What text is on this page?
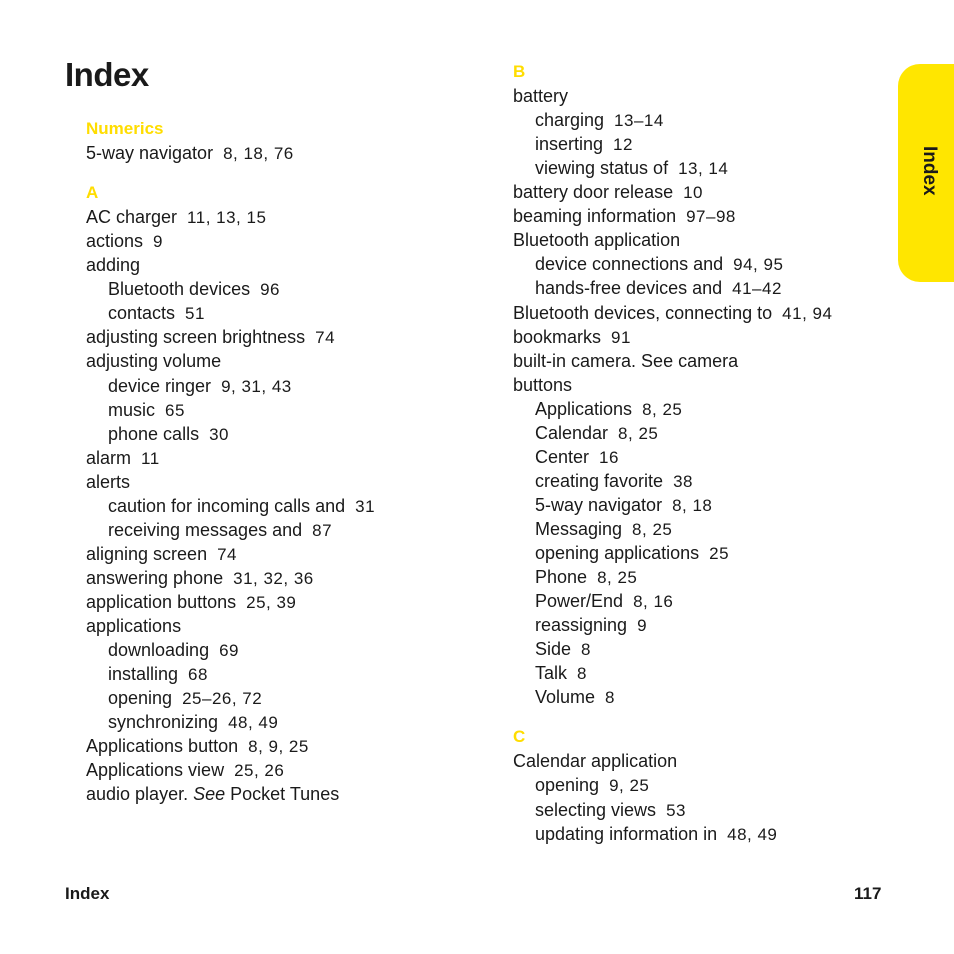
Index
Numerics
5-way navigator 8, 18, 76
A
AC charger 11, 13, 15
actions 9
adding
Bluetooth devices 96
contacts 51
adjusting screen brightness 74
adjusting volume
device ringer 9, 31, 43
music 65
phone calls 30
alarm 11
alerts
caution for incoming calls and 31
receiving messages and 87
aligning screen 74
answering phone 31, 32, 36
application buttons 25, 39
applications
downloading 69
installing 68
opening 25–26, 72
synchronizing 48, 49
Applications button 8, 9, 25
Applications view 25, 26
audio player. See Pocket Tunes
B
battery
charging 13–14
inserting 12
viewing status of 13, 14
battery door release 10
beaming information 97–98
Bluetooth application
device connections and 94, 95
hands-free devices and 41–42
Bluetooth devices, connecting to 41, 94
bookmarks 91
built-in camera. See camera
buttons
Applications 8, 25
Calendar 8, 25
Center 16
creating favorite 38
5-way navigator 8, 18
Messaging 8, 25
opening applications 25
Phone 8, 25
Power/End 8, 16
reassigning 9
Side 8
Talk 8
Volume 8
C
Calendar application
opening 9, 25
selecting views 53
updating information in 48, 49
Index
Index	117
